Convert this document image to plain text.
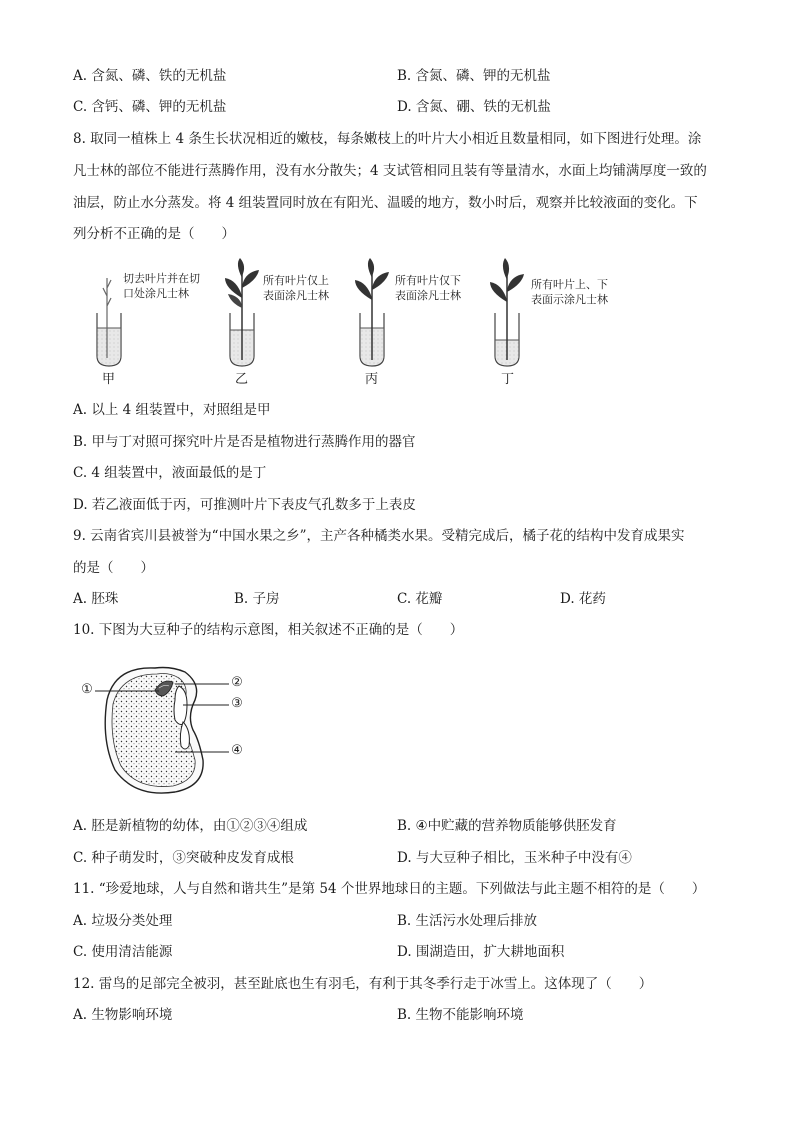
A. 含氮、磷、铁的无机盐	B. 含氮、磷、钾的无机盐
C. 含钙、磷、钾的无机盐	D. 含氮、硼、铁的无机盐
8. 取同一植株上 4 条生长状况相近的嫩枝，每条嫩枝上的叶片大小相近且数量相同，如下图进行处理。涂
凡士林的部位不能进行蒸腾作用，没有水分散失；4 支试管相同且装有等量清水，水面上均铺满厚度一致的
油层，防止水分蒸发。将 4 组装置同时放在有阳光、温暖的地方，数小时后，观察并比较液面的变化。下
列分析不正确的是（　　）
切去叶片并在切
口处涂凡士林
所有叶片仅上
表面涂凡士林
所有叶片仅下
表面涂凡士林
所有叶片上、下
表面示涂凡士林
甲	乙	丙	丁
A. 以上 4 组装置中，对照组是甲
B. 甲与丁对照可探究叶片是否是植物进行蒸腾作用的器官
C. 4 组装置中，液面最低的是丁
D. 若乙液面低于丙，可推测叶片下表皮气孔数多于上表皮
9. 云南省宾川县被誉为“中国水果之乡”，主产各种橘类水果。受精完成后，橘子花的结构中发育成果实
的是（　　）
A. 胚珠	B. 子房	C. 花瓣	D. 花药
10. 下图为大豆种子的结构示意图，相关叙述不正确的是（　　）
①	②
③
④
A. 胚是新植物的幼体，由①②③④组成	B. ④中贮藏的营养物质能够供胚发育
C. 种子萌发时，③突破种皮发育成根	D. 与大豆种子相比，玉米种子中没有④
11. “珍爱地球，人与自然和谐共生”是第 54 个世界地球日的主题。下列做法与此主题不相符的是（　　）
A. 垃圾分类处理	B. 生活污水处理后排放
C. 使用清洁能源	D. 围湖造田，扩大耕地面积
12. 雷鸟的足部完全被羽，甚至趾底也生有羽毛，有利于其冬季行走于冰雪上。这体现了（　　）
A. 生物影响环境	B. 生物不能影响环境
